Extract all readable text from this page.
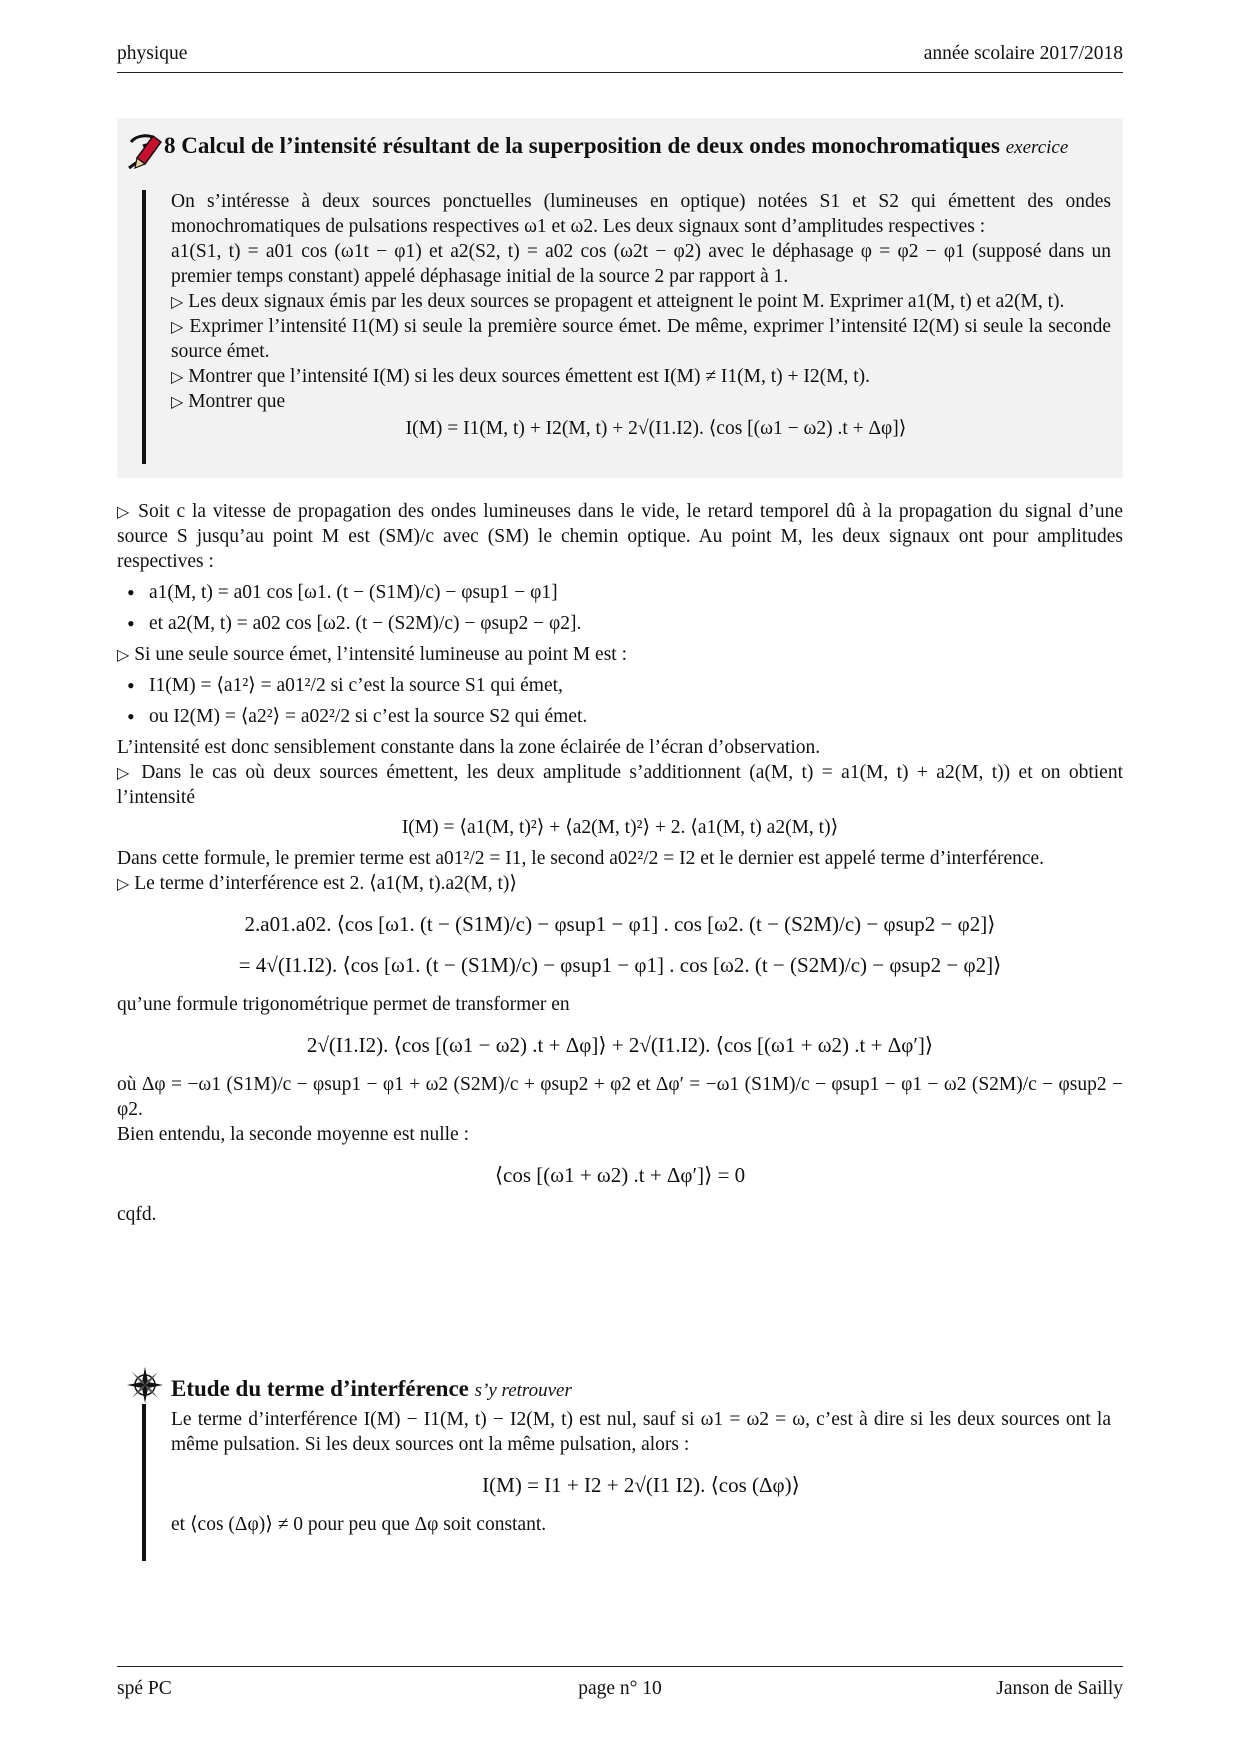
physique	année scolaire 2017/2018
8 Calcul de l’intensité résultant de la superposition de deux ondes monochromatiques exercice
On s’intéresse à deux sources ponctuelles (lumineuses en optique) notées S1 et S2 qui émettent des ondes monochromatiques de pulsations respectives ω1 et ω2. Les deux signaux sont d’amplitudes respectives :
a1(S1, t) = a01 cos (ω1t − φ1) et a2(S2, t) = a02 cos (ω2t − φ2) avec le déphasage φ = φ2 − φ1 (supposé dans un premier temps constant) appelé déphasage initial de la source 2 par rapport à 1.
▷ Les deux signaux émis par les deux sources se propagent et atteignent le point M. Exprimer a1(M, t) et a2(M, t).
▷ Exprimer l’intensité I1(M) si seule la première source émet. De même, exprimer l’intensité I2(M) si seule la seconde source émet.
▷ Montrer que l’intensité I(M) si les deux sources émettent est I(M) ≠ I1(M, t) + I2(M, t).
▷ Montrer que
I(M) = I1(M, t) + I2(M, t) + 2√(I1.I2). ⟨cos [(ω1 − ω2) .t + Δφ]⟩
▷ Soit c la vitesse de propagation des ondes lumineuses dans le vide, le retard temporel dû à la propagation du signal d’une source S jusqu’au point M est (SM)/c avec (SM) le chemin optique. Au point M, les deux signaux ont pour amplitudes respectives :
• a1(M, t) = a01 cos [ω1. (t − (S1M)/c) − φsup1 − φ1]
• et a2(M, t) = a02 cos [ω2. (t − (S2M)/c) − φsup2 − φ2].
▷ Si une seule source émet, l’intensité lumineuse au point M est :
• I1(M) = ⟨a1²⟩ = a01²/2 si c’est la source S1 qui émet,
• ou I2(M) = ⟨a2²⟩ = a02²/2 si c’est la source S2 qui émet.
L’intensité est donc sensiblement constante dans la zone éclairée de l’écran d’observation.
▷ Dans le cas où deux sources émettent, les deux amplitude s’additionnent (a(M, t) = a1(M, t) + a2(M, t)) et on obtient l’intensité
I(M) = ⟨a1(M, t)²⟩ + ⟨a2(M, t)²⟩ + 2. ⟨a1(M, t) a2(M, t)⟩
Dans cette formule, le premier terme est a01²/2 = I1, le second a02²/2 = I2 et le dernier est appelé terme d’interférence.
▷ Le terme d’interférence est 2. ⟨a1(M, t).a2(M, t)⟩
2.a01.a02. ⟨cos [ω1. (t − (S1M)/c) − φsup1 − φ1] . cos [ω2. (t − (S2M)/c) − φsup2 − φ2]⟩
= 4√(I1.I2). ⟨cos [ω1. (t − (S1M)/c) − φsup1 − φ1] . cos [ω2. (t − (S2M)/c) − φsup2 − φ2]⟩
qu’une formule trigonométrique permet de transformer en
2√(I1.I2). ⟨cos [(ω1 − ω2) .t + Δφ]⟩ + 2√(I1.I2). ⟨cos [(ω1 + ω2) .t + Δφ′]⟩
où Δφ = −ω1 (S1M)/c − φsup1 − φ1 + ω2 (S2M)/c + φsup2 + φ2 et Δφ′ = −ω1 (S1M)/c − φsup1 − φ1 − ω2 (S2M)/c − φsup2 − φ2.
Bien entendu, la seconde moyenne est nulle :
⟨cos [(ω1 + ω2) .t + Δφ′]⟩ = 0
cqfd.
Etude du terme d’interférence s’y retrouver
Le terme d’interférence I(M) − I1(M, t) − I2(M, t) est nul, sauf si ω1 = ω2 = ω, c’est à dire si les deux sources ont la même pulsation. Si les deux sources ont la même pulsation, alors :
I(M) = I1 + I2 + 2√(I1 I2). ⟨cos (Δφ)⟩
et ⟨cos (Δφ)⟩ ≠ 0 pour peu que Δφ soit constant.
spé PC	page n° 10	Janson de Sailly
